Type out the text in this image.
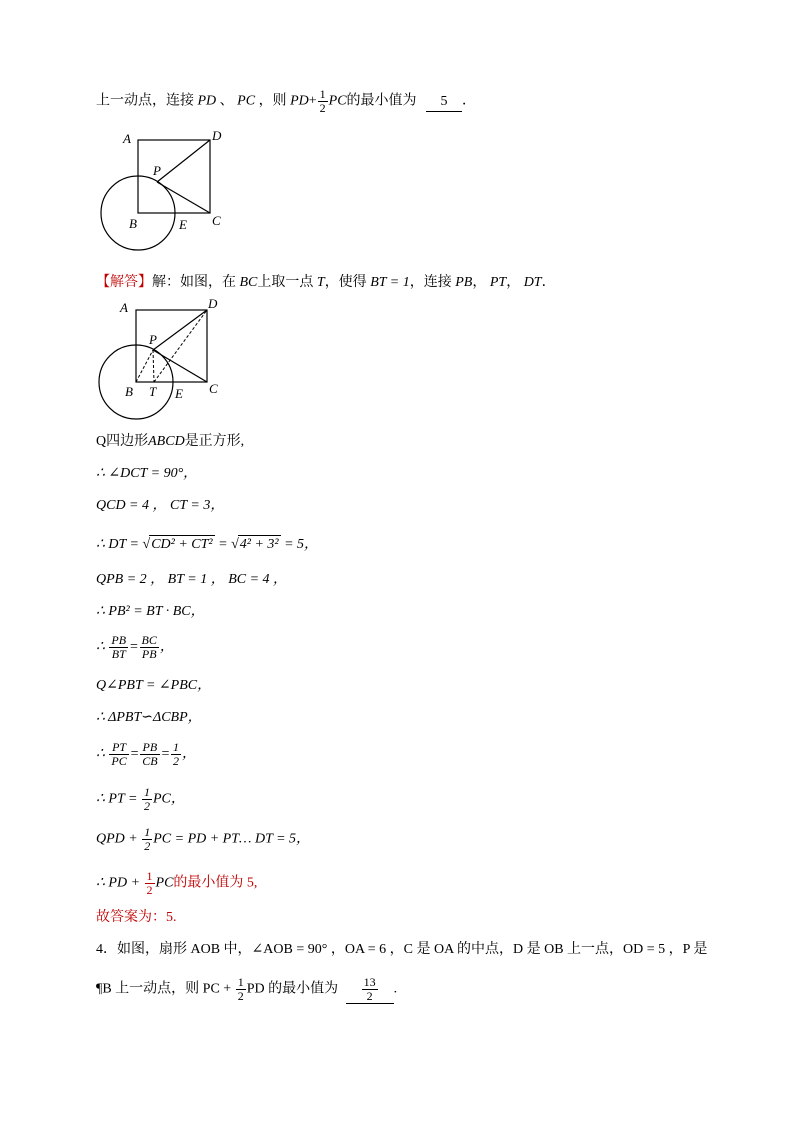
上一动点，连接 PD 、 PC ，则 $PD+ \frac{1}{2}$ PC的最小值为 5 ．
A	D
P
B	E C
【解答】解：如图，在 BC上取一点 T，使得 BT = 1，连接 PB， PT， DT．
A	D
P
B T E C
Q四边形ABCD是正方形,
∴ ∠DCT = 90°，
QCD = 4 ， CT = 3，
∴ DT = √CD² + CT² = √4² + 3² = 5，
QPB = 2 ， BT = 1 ， BC = 4 ，
∴ PB² = BT · BC，
∴ $\frac{PB}{BT} = \frac{BC}{PB}$ ，
Q∠PBT = ∠PBC，
∴ ΔPBT∽ΔCBP，
∴ $\frac{PT}{PC} = \frac{PB}{CB} = \frac{1}{2}$ ，
∴ PT = $\frac{1}{2}$ PC，
QPD + $\frac{1}{2}$ PC = PD + PT… DT = 5，
∴ PD + $\frac{1}{2}$ PC的最小值为 5,
故答案为：5.
4．如图，扇形 AOB 中，∠AOB = 90° ，OA = 6 ，C 是 OA 的中点，D 是 OB 上一点，OD = 5 ，P 是
¶B 上一动点，则 PC + $\frac{1}{2}$ PD 的最小值为 $\frac{13}{2}$ .
